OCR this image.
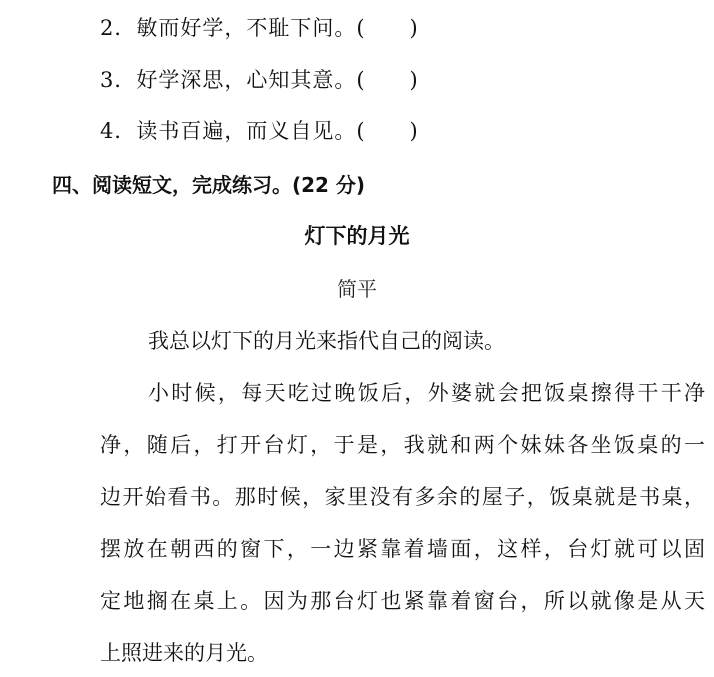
2．敏而好学，不耻下问。(　　)
3．好学深思，心知其意。(　　)
4．读书百遍，而义自见。(　　)
四、阅读短文，完成练习。(22 分)
灯下的月光
简平
我总以灯下的月光来指代自己的阅读。
小时候，每天吃过晚饭后，外婆就会把饭桌擦得干干净
净，随后，打开台灯，于是，我就和两个妹妹各坐饭桌的一
边开始看书。那时候，家里没有多余的屋子，饭桌就是书桌，
摆放在朝西的窗下，一边紧靠着墙面，这样，台灯就可以固
定地搁在桌上。因为那台灯也紧靠着窗台，所以就像是从天
上照进来的月光。
